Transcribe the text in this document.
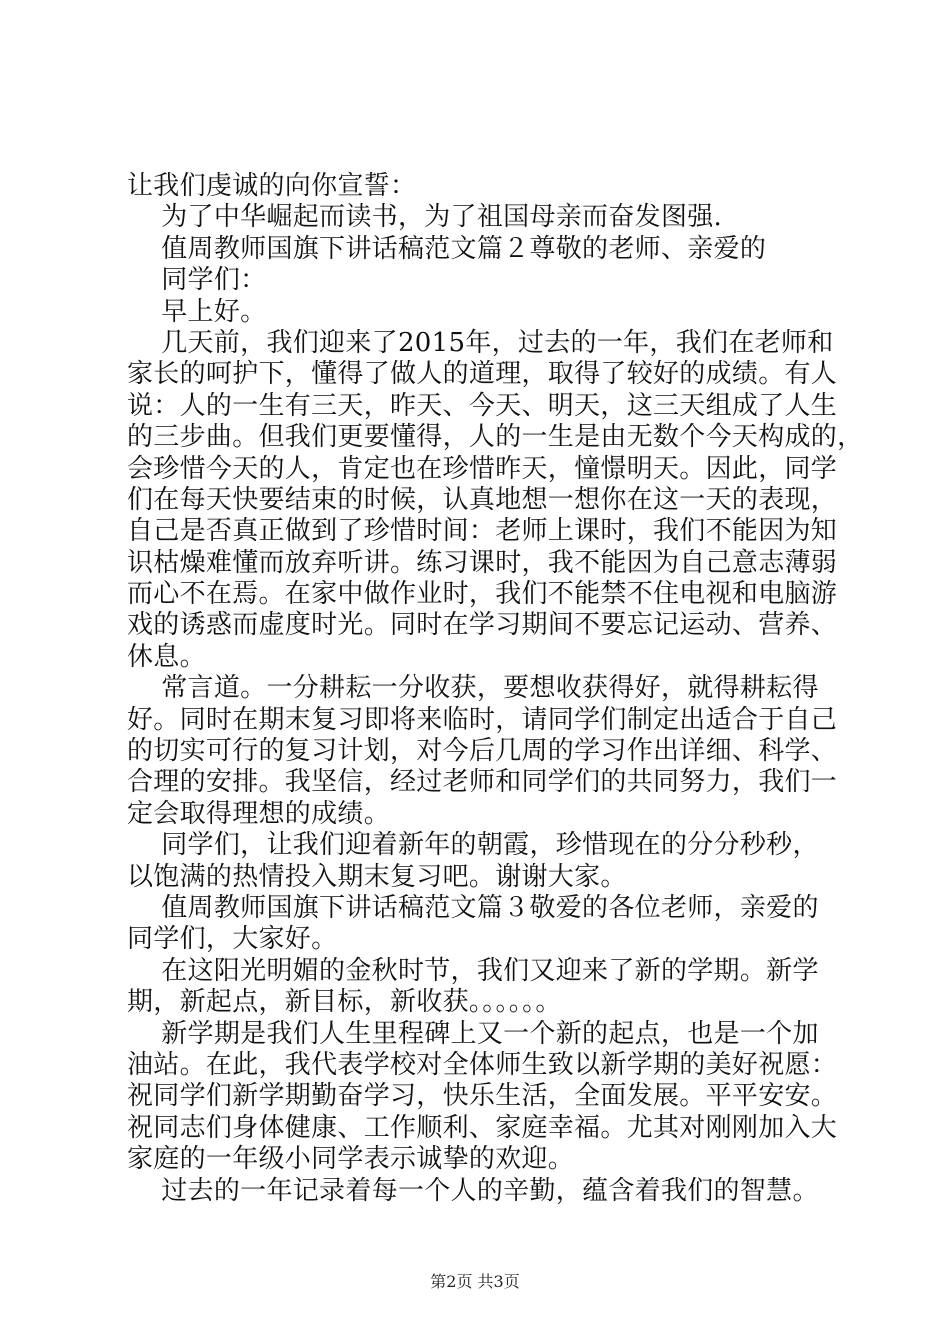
让我们虔诚的向你宣誓：
为了中华崛起而读书，为了祖国母亲而奋发图强.
值周教师国旗下讲话稿范文篇２尊敬的老师、亲爱的
同学们：
早上好。
几天前，我们迎来了2015年，过去的一年，我们在老师和
家长的呵护下，懂得了做人的道理，取得了较好的成绩。有人
说：人的一生有三天，昨天、今天、明天，这三天组成了人生
的三步曲。但我们更要懂得，人的一生是由无数个今天构成的，
会珍惜今天的人，肯定也在珍惜昨天，憧憬明天。因此，同学
们在每天快要结束的时候，认真地想一想你在这一天的表现，
自己是否真正做到了珍惜时间：老师上课时，我们不能因为知
识枯燥难懂而放弃听讲。练习课时，我不能因为自己意志薄弱
而心不在焉。在家中做作业时，我们不能禁不住电视和电脑游
戏的诱惑而虚度时光。同时在学习期间不要忘记运动、营养、
休息。
常言道。一分耕耘一分收获，要想收获得好，就得耕耘得
好。同时在期末复习即将来临时，请同学们制定出适合于自己
的切实可行的复习计划，对今后几周的学习作出详细、科学、
合理的安排。我坚信，经过老师和同学们的共同努力，我们一
定会取得理想的成绩。
同学们，让我们迎着新年的朝霞，珍惜现在的分分秒秒，
以饱满的热情投入期末复习吧。谢谢大家。
值周教师国旗下讲话稿范文篇３敬爱的各位老师，亲爱的
同学们，大家好。
在这阳光明媚的金秋时节，我们又迎来了新的学期。新学
期，新起点，新目标，新收获。。。。。。
新学期是我们人生里程碑上又一个新的起点，也是一个加
油站。在此，我代表学校对全体师生致以新学期的美好祝愿：
祝同学们新学期勤奋学习，快乐生活，全面发展。平平安安。
祝同志们身体健康、工作顺利、家庭幸福。尤其对刚刚加入大
家庭的一年级小同学表示诚挚的欢迎。
过去的一年记录着每一个人的辛勤，蕴含着我们的智慧。
第2页 共3页
